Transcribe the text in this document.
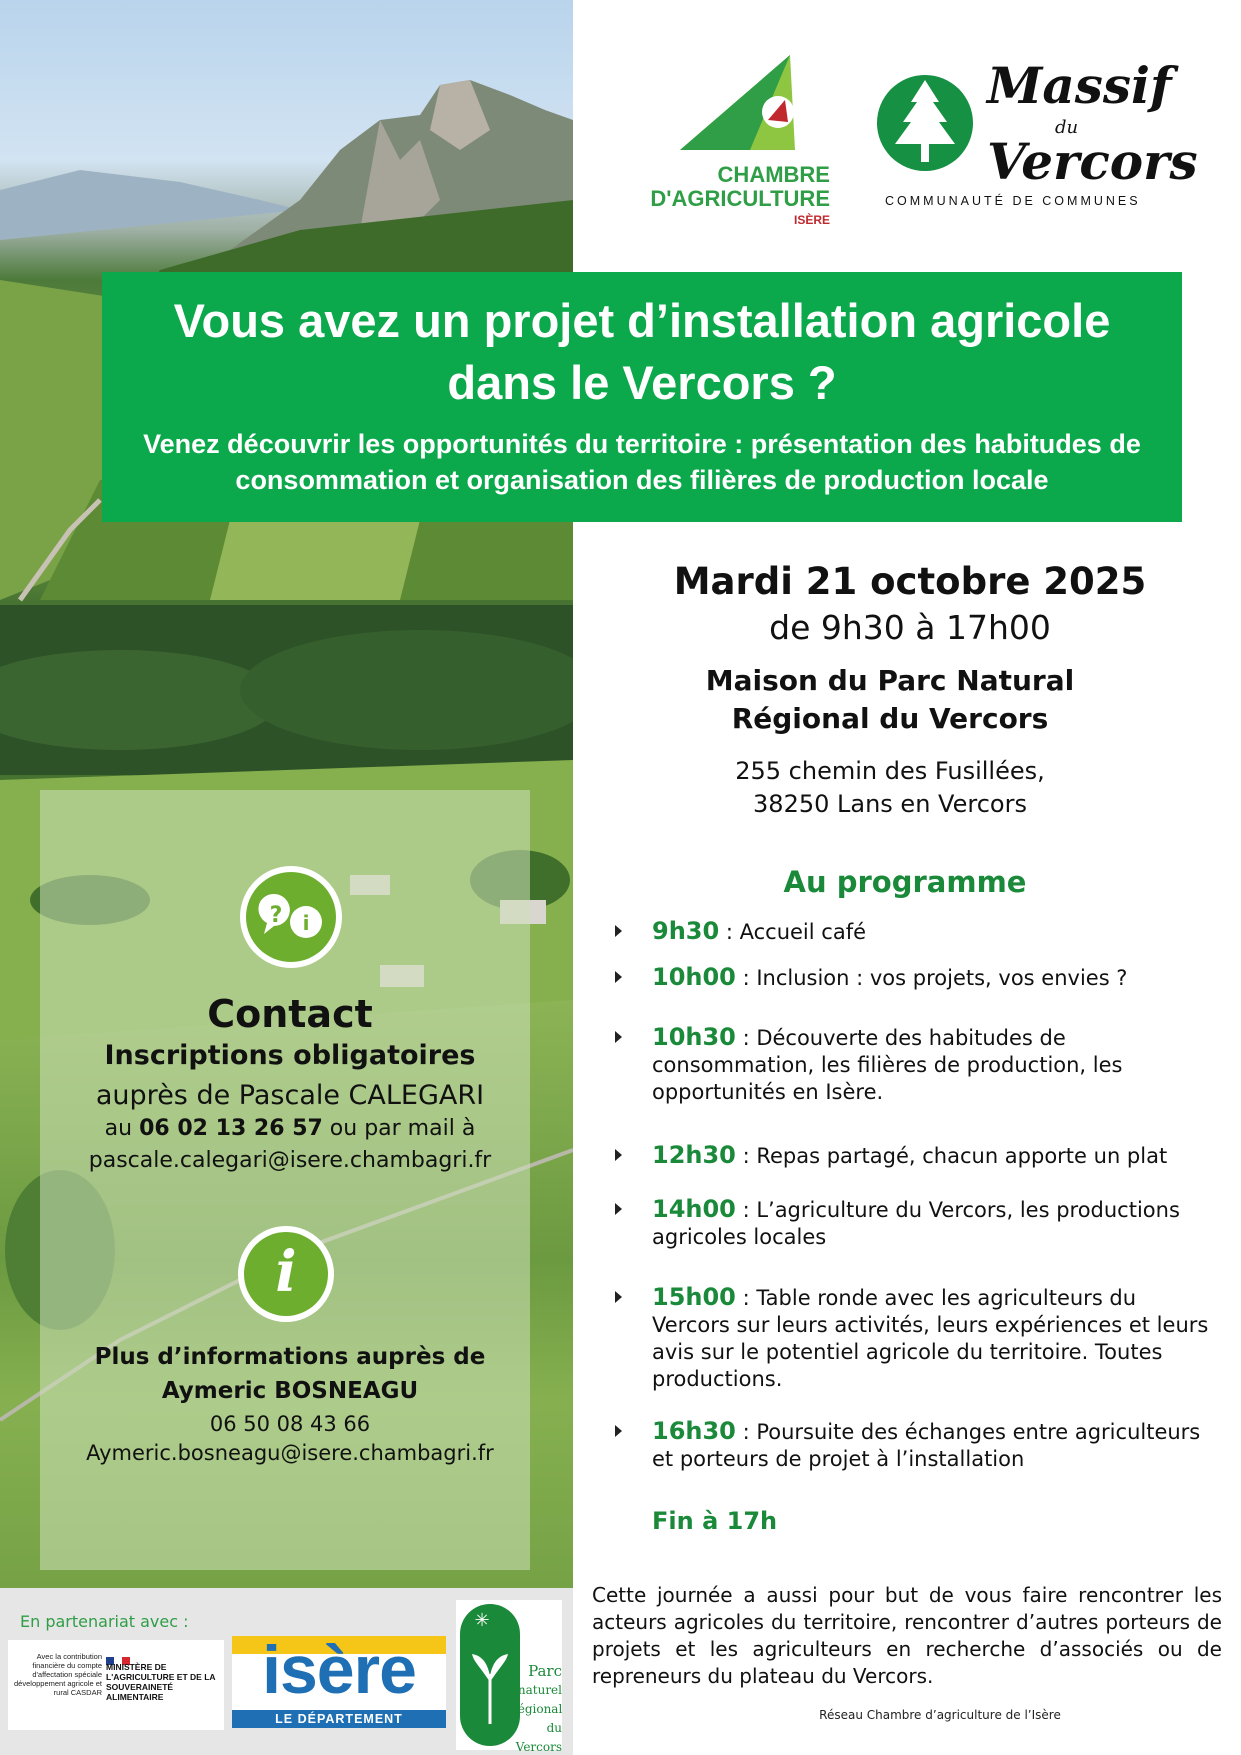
CHAMBRE
D'AGRICULTURE
ISÈRE
Massif
du
Vercors
COMMUNAUTÉ DE COMMUNES
Vous avez un projet d’installation agricole dans le Vercors ?

Venez découvrir les opportunités du territoire : présentation des habitudes de consommation et organisation des filières de production locale

Mardi 21 octobre 2025
de 9h30 à 17h00
Maison du Parc Natural
Régional du Vercors
255 chemin des Fusillées,
38250 Lans en Vercors
Au programme
9h30 : Accueil café
10h00 : Inclusion : vos projets, vos envies ?
10h30 : Découverte des habitudes de consommation, les filières de production, les opportunités en Isère.
12h30 : Repas partagé, chacun apporte un plat
14h00 : L’agriculture du Vercors, les productions agricoles locales
15h00 : Table ronde avec les agriculteurs du Vercors sur leurs activités, leurs expériences et leurs avis sur le potentiel agricole du territoire. Toutes productions.
16h30 : Poursuite des échanges entre agriculteurs et porteurs de projet à l’installation
Fin à 17h
? i
Contact
Inscriptions obligatoires
auprès de Pascale CALEGARI
au 06 02 13 26 57 ou par mail à
pascale.calegari@isere.chambagri.fr
i
Plus d’informations auprès de
Aymeric BOSNEAGU
06 50 08 43 66
Aymeric.bosneagu@isere.chambagri.fr
En partenariat avec :
Avec la contribution financière du compte d'affectation spéciale développement agricole et rural CASDAR
MINISTÈRE DE L'AGRICULTURE ET DE LA SOUVERAINETÉ ALIMENTAIRE	isère
LE DÉPARTEMENT
✳
Parc
naturel
régional
du Vercors
Cette journée a aussi pour but de vous faire rencontrer les acteurs agricoles du territoire, rencontrer d’autres porteurs de projets et les agriculteurs en recherche d’associés ou de repreneurs du plateau du Vercors.
Réseau Chambre d’agriculture de l’Isère
